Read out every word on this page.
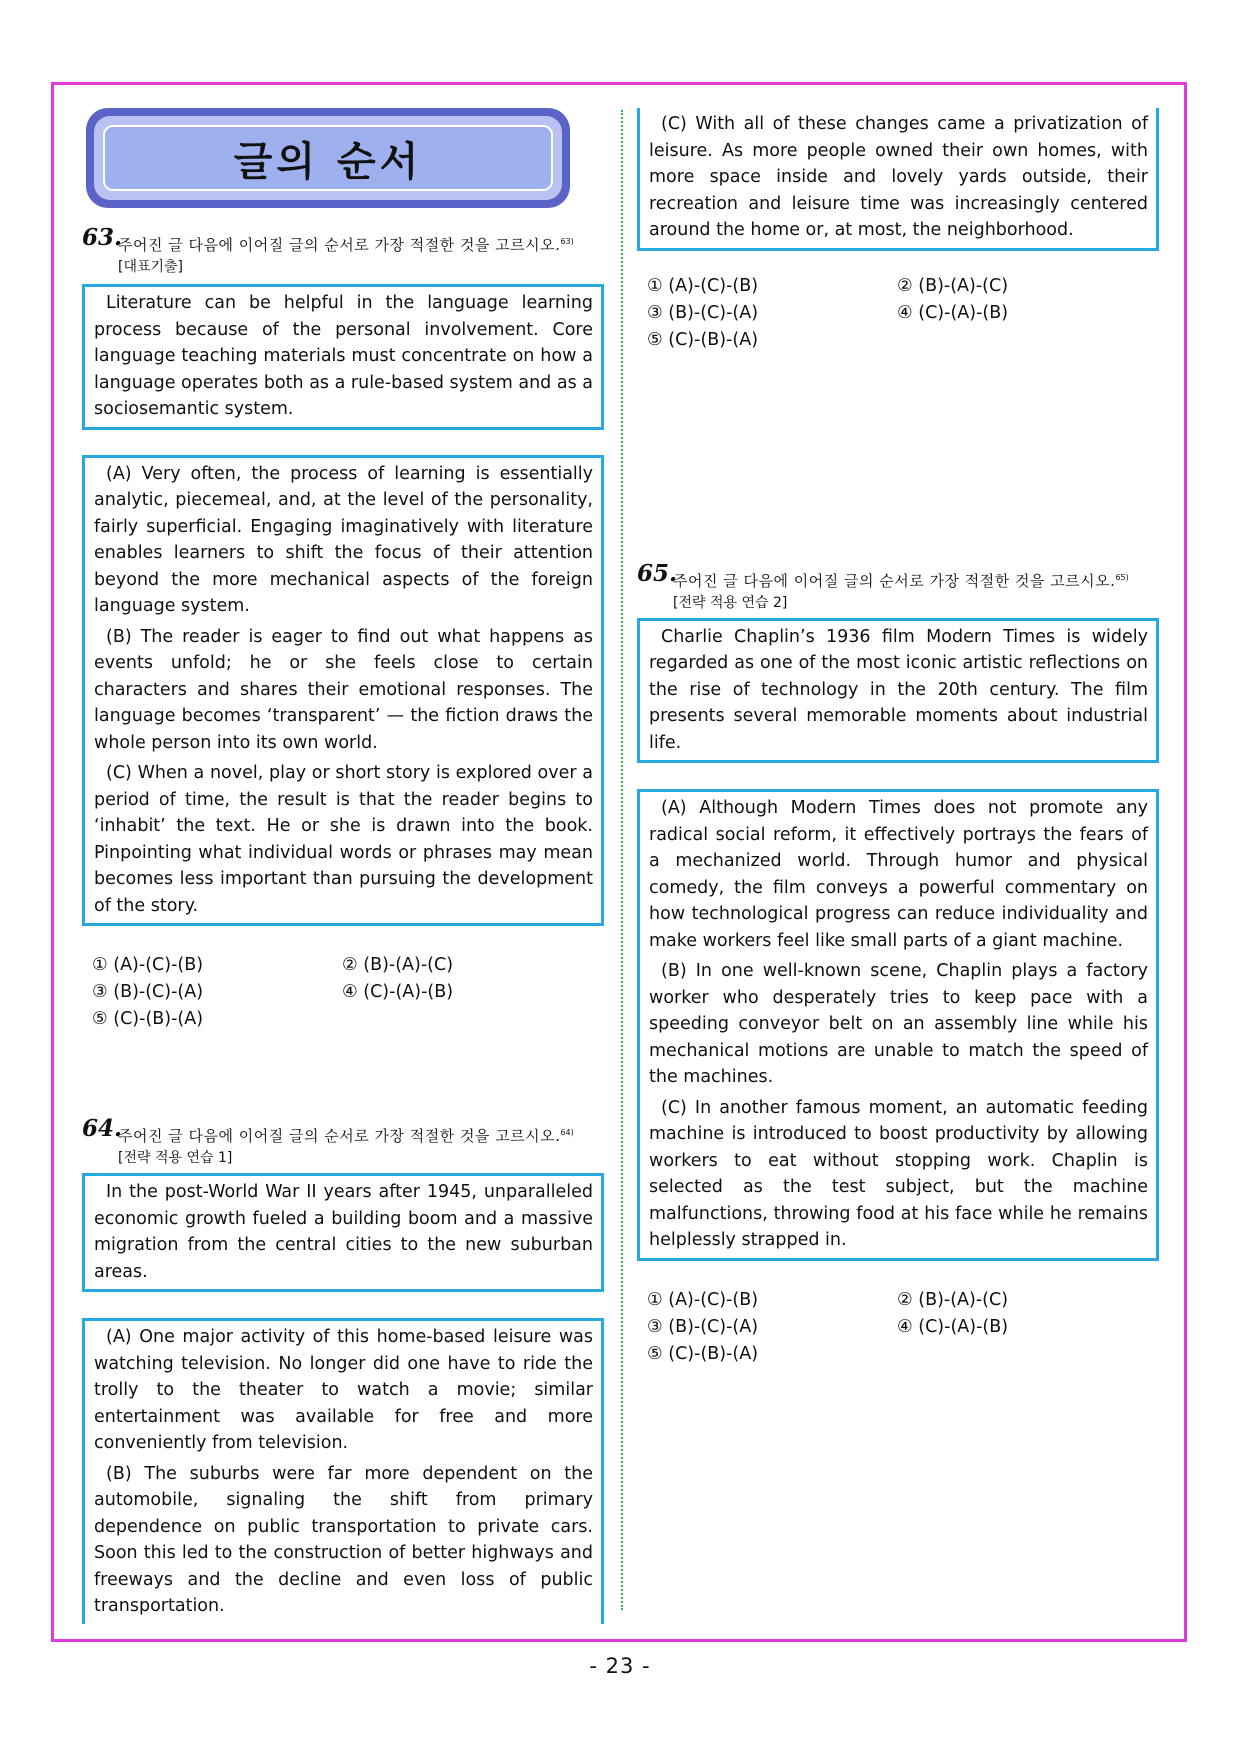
글의 순서
63.
주어진 글 다음에 이어질 글의 순서로 가장 적절한 것을 고르시오.$^{63)}$
[대표기출]

Literature can be helpful in the language learning process because of the personal involvement. Core language teaching materials must concentrate on how a language operates both as a rule-based system and as a sociosemantic system.

(A) Very often, the process of learning is essentially analytic, piecemeal, and, at the level of the personality, fairly superficial. Engaging imaginatively with literature enables learners to shift the focus of their attention beyond the more mechanical aspects of the foreign language system.

(B) The reader is eager to find out what happens as events unfold; he or she feels close to certain characters and shares their emotional responses. The language becomes ‘transparent’ — the fiction draws the whole person into its own world.

(C) When a novel, play or short story is explored over a period of time, the result is that the reader begins to ‘inhabit’ the text. He or she is drawn into the book. Pinpointing what individual words or phrases may mean becomes less important than pursuing the development of the story.

① (A)-(C)-(B)	② (B)-(A)-(C)
③ (B)-(C)-(A)	④ (C)-(A)-(B)
⑤ (C)-(B)-(A)
64.
주어진 글 다음에 이어질 글의 순서로 가장 적절한 것을 고르시오.$^{64)}$
[전략 적용 연습 1]

In the post-World War II years after 1945, unparalleled economic growth fueled a building boom and a massive migration from the central cities to the new suburban areas.

(A) One major activity of this home-based leisure was watching television. No longer did one have to ride the trolly to the theater to watch a movie; similar entertainment was available for free and more conveniently from television.

(B) The suburbs were far more dependent on the automobile, signaling the shift from primary dependence on public transportation to private cars. Soon this led to the construction of better highways and freeways and the decline and even loss of public transportation.

(C) With all of these changes came a privatization of leisure. As more people owned their own homes, with more space inside and lovely yards outside, their recreation and leisure time was increasingly centered around the home or, at most, the neighborhood.

① (A)-(C)-(B)	② (B)-(A)-(C)
③ (B)-(C)-(A)	④ (C)-(A)-(B)
⑤ (C)-(B)-(A)
65.
주어진 글 다음에 이어질 글의 순서로 가장 적절한 것을 고르시오.$^{65)}$
[전략 적용 연습 2]

Charlie Chaplin’s 1936 film Modern Times is widely regarded as one of the most iconic artistic reflections on the rise of technology in the 20th century. The film presents several memorable moments about industrial life.

(A) Although Modern Times does not promote any radical social reform, it effectively portrays the fears of a mechanized world. Through humor and physical comedy, the film conveys a powerful commentary on how technological progress can reduce individuality and make workers feel like small parts of a giant machine.

(B) In one well-known scene, Chaplin plays a factory worker who desperately tries to keep pace with a speeding conveyor belt on an assembly line while his mechanical motions are unable to match the speed of the machines.

(C) In another famous moment, an automatic feeding machine is introduced to boost productivity by allowing workers to eat without stopping work. Chaplin is selected as the test subject, but the machine malfunctions, throwing food at his face while he remains helplessly strapped in.

① (A)-(C)-(B)	② (B)-(A)-(C)
③ (B)-(C)-(A)	④ (C)-(A)-(B)
⑤ (C)-(B)-(A)
- 23 -
